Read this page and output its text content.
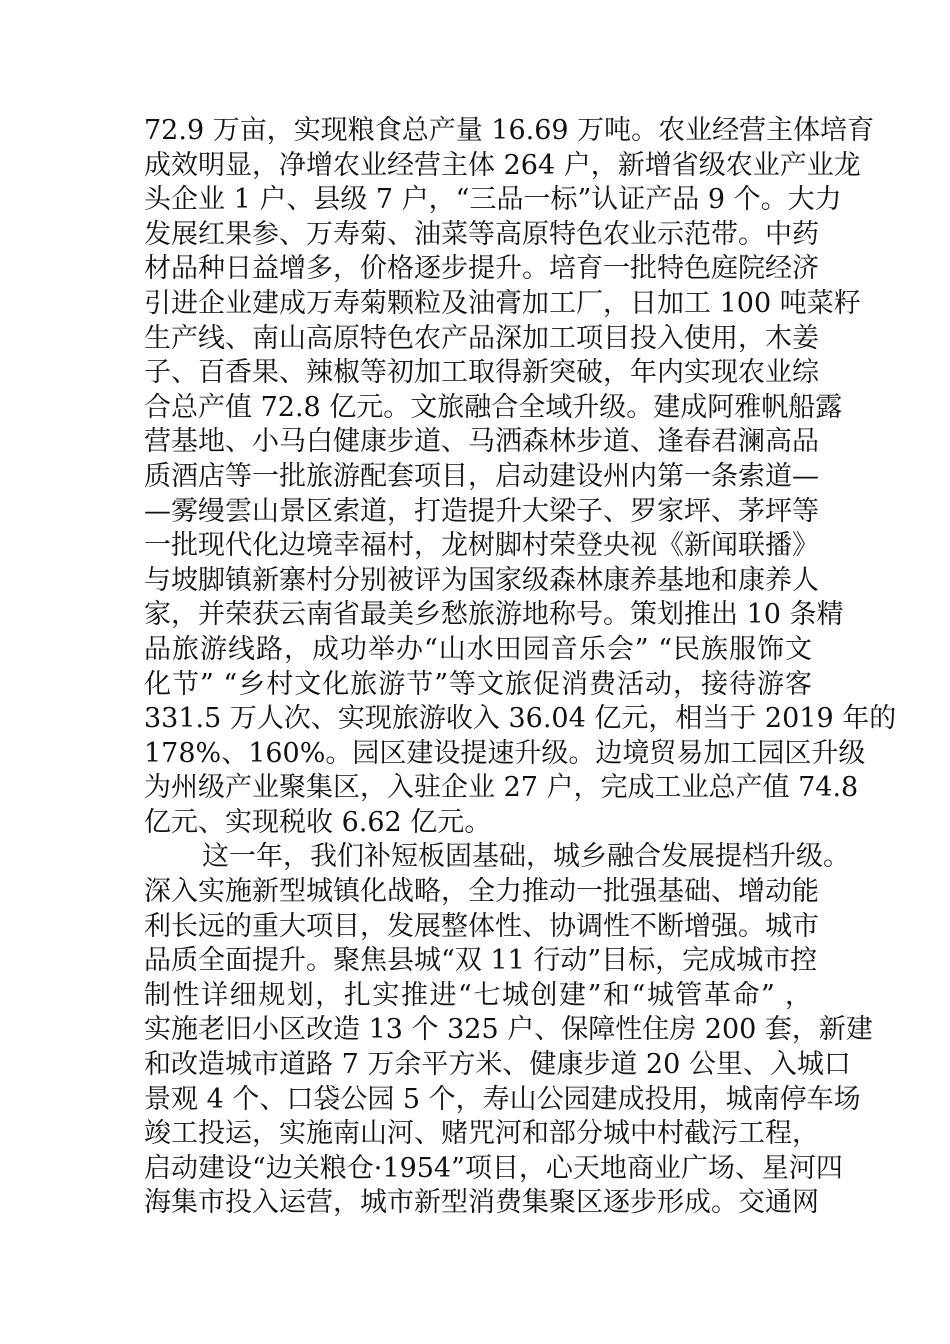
72.9 万亩，实现粮食总产量 16.69 万吨。农业经营主体培育
成效明显，净增农业经营主体 264 户，新增省级农业产业龙
头企业 1 户、县级 7 户，“三品一标”认证产品 9 个。大力
发展红果参、万寿菊、油菜等高原特色农业示范带。中药
材品种日益增多，价格逐步提升。培育一批特色庭院经济
引进企业建成万寿菊颗粒及油膏加工厂，日加工 100 吨菜籽
生产线、南山高原特色农产品深加工项目投入使用，木姜
子、百香果、辣椒等初加工取得新突破，年内实现农业综
合总产值 72.8 亿元。文旅融合全域升级。建成阿雅帆船露
营基地、小马白健康步道、马洒森林步道、逢春君澜高品
质酒店等一批旅游配套项目，启动建设州内第一条索道—
—雾缦雲山景区索道，打造提升大梁子、罗家坪、茅坪等
一批现代化边境幸福村，龙树脚村荣登央视《新闻联播》
与坡脚镇新寨村分别被评为国家级森林康养基地和康养人
家，并荣获云南省最美乡愁旅游地称号。策划推出 10 条精
品旅游线路，成功举办“山水田园音乐会” “民族服饰文
化节” “乡村文化旅游节”等文旅促消费活动，接待游客
331.5 万人次、实现旅游收入 36.04 亿元，相当于 2019 年的
178%、160%。园区建设提速升级。边境贸易加工园区升级
为州级产业聚集区，入驻企业 27 户，完成工业总产值 74.8
亿元、实现税收 6.62 亿元。
这一年，我们补短板固基础，城乡融合发展提档升级。
深入实施新型城镇化战略，全力推动一批强基础、增动能
利长远的重大项目，发展整体性、协调性不断增强。城市
品质全面提升。聚焦县城“双 11 行动”目标，完成城市控
制性详细规划，扎实推进“七城创建”和“城管革命” ，
实施老旧小区改造 13 个 325 户、保障性住房 200 套，新建
和改造城市道路 7 万余平方米、健康步道 20 公里、入城口
景观 4 个、口袋公园 5 个，寿山公园建成投用，城南停车场
竣工投运，实施南山河、赌咒河和部分城中村截污工程，
启动建设“边关粮仓·1954”项目，心天地商业广场、星河四
海集市投入运营，城市新型消费集聚区逐步形成。交通网
